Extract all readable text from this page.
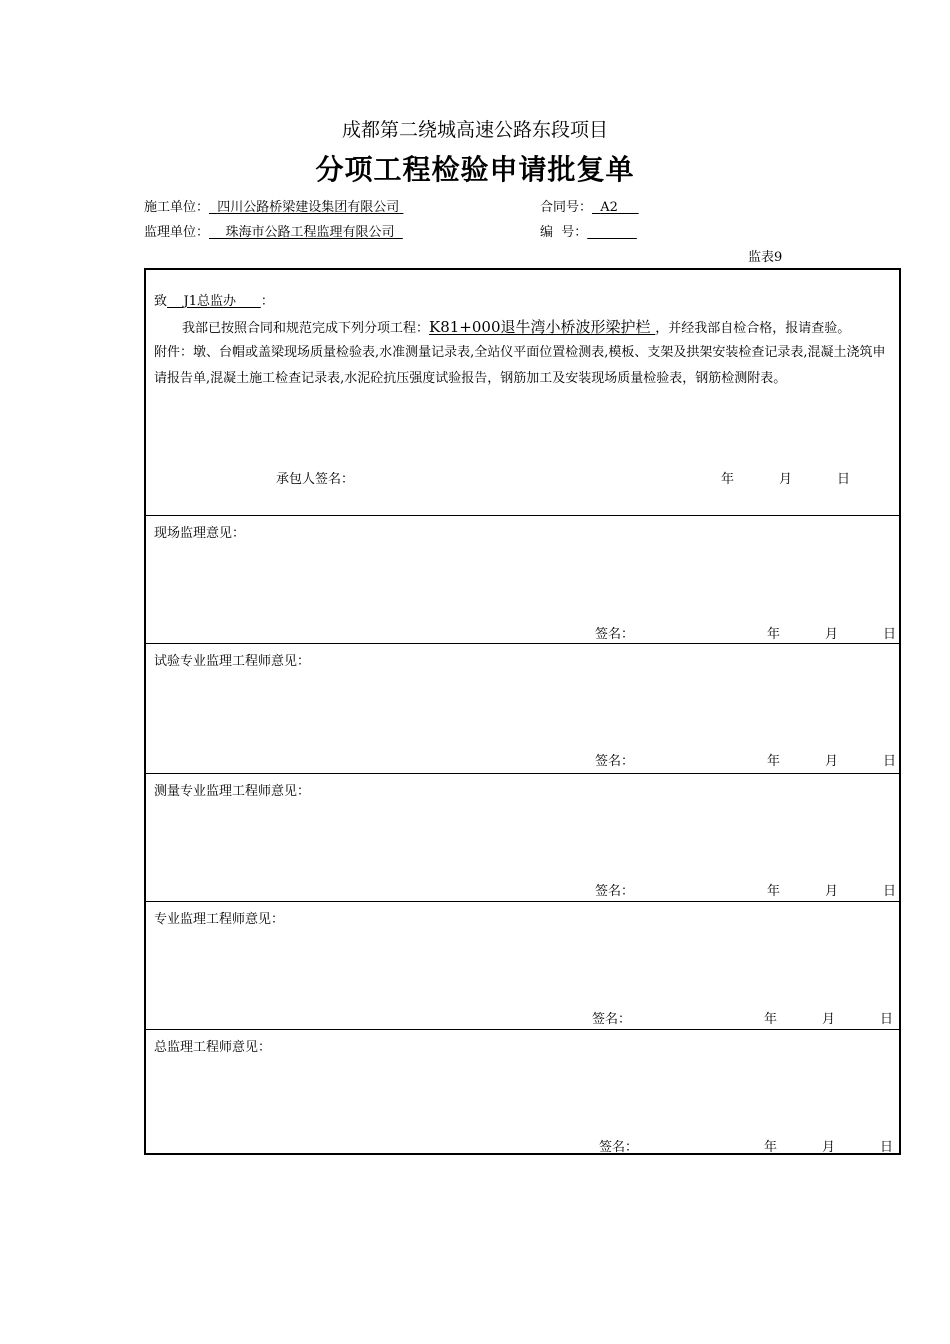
成都第二绕城高速公路东段项目
分项工程检验申请批复单
施工单位： 四川公路桥梁建设集团有限公司	合同号： A2
监理单位： 珠海市公路工程监理有限公司	编  号：
监表9
致 J1总监办 ：
我部已按照合同和规范完成下列分项工程：K81+000退牛湾小桥波形梁护栏 ，并经我部自检合格，报请查验。
附件：墩、台帽或盖梁现场质量检验表,水准测量记录表,全站仪平面位置检测表,模板、支架及拱架安装检查记录表,混凝土浇筑申请报告单,混凝土施工检查记录表,水泥砼抗压强度试验报告，钢筋加工及安装现场质量检验表，钢筋检测附表。
承包人签名：	年	月	日
现场监理意见：
签名：	年	月	日
试验专业监理工程师意见：
签名：	年	月	日
测量专业监理工程师意见：
签名：	年	月	日
专业监理工程师意见：
签名：	年	月	日
总监理工程师意见：
签名：	年	月	日
